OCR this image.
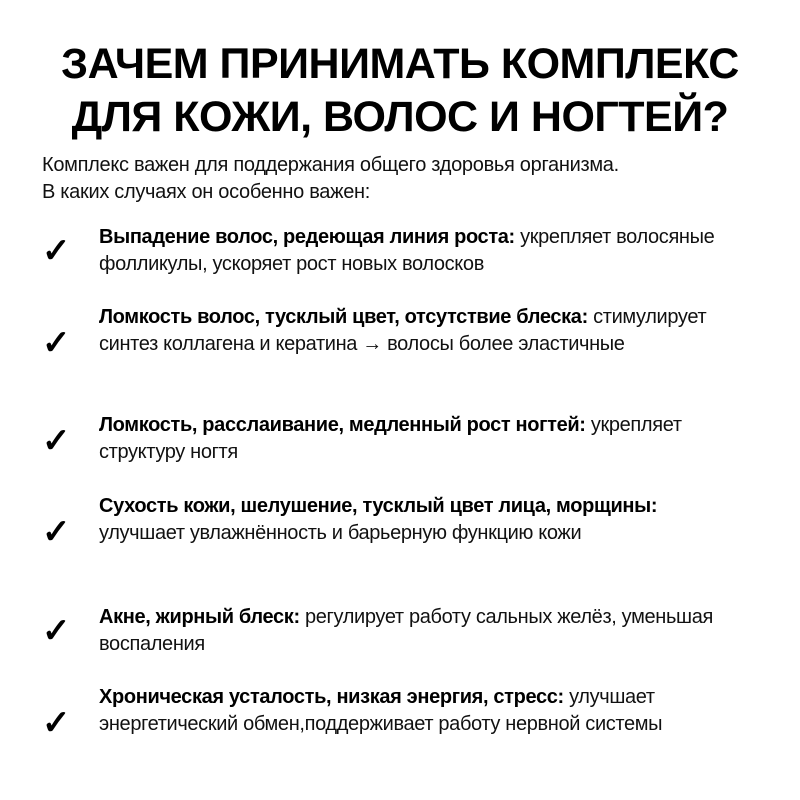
ЗАЧЕМ ПРИНИМАТЬ КОМПЛЕКС
ДЛЯ КОЖИ, ВОЛОС И НОГТЕЙ?
Комплекс важен для поддержания общего здоровья организма.
В каких случаях он особенно важен:
✓ Выпадение волос, редеющая линия роста: укрепляет волосяные фолликулы, ускоряет рост новых волосков
✓
Ломкость волос, тусклый цвет, отсутствие блеска: стимулирует синтез коллагена и кератина → волосы более эластичные
✓ Ломкость, расслаивание, медленный рост ногтей: укрепляет структуру ногтя
✓
Сухость кожи, шелушение, тусклый цвет лица, морщины: улучшает увлажнённость и барьерную функцию кожи
✓ Акне, жирный блеск: регулирует работу сальных желёз, уменьшая воспаления
✓
Хроническая усталость, низкая энергия, стресс: улучшает энергетический обмен,поддерживает работу нервной системы
